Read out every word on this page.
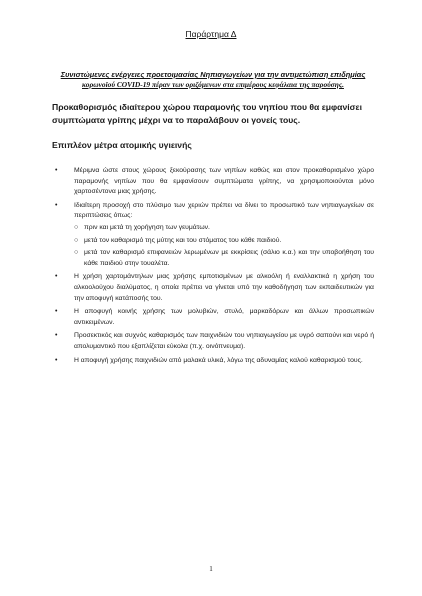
Παράρτημα Δ
Συνιστώμενες ενέργειες προετοιμασίας Νηπιαγωγείων για την αντιμετώπιση επιδημίας
κορωνοϊού COVID-19 πέραν των οριζόμενων στα επιμέρους κεφάλαια της παρούσης.
Προκαθορισμός ιδιαίτερου χώρου παραμονής του νηπίου που θα εμφανίσει συμπτώματα γρίπης μέχρι να το παραλάβουν οι γονείς τους.
Επιπλέον μέτρα ατομικής υγιεινής
• Μέριμνα ώστε στους χώρους ξεκούρασης των νηπίων καθώς και στον προκαθορισμένο χώρο παραμονής νηπίων που θα εμφανίσουν συμπτώματα γρίπης, να χρησιμοποιούνται μόνο χαρτοσέντονα μιας χρήσης.
• Ιδιαίτερη προσοχή στο πλύσιμο των χεριών πρέπει να δίνει το προσωπικό των νηπιαγωγείων σε περιπτώσεις όπως:
○ πριν και μετά τη χορήγηση των γευμάτων.
○ μετά τον καθαρισμό της μύτης και του στόματος του κάθε παιδιού.
○ μετά τον καθαρισμό επιφανειών λερωμένων με εκκρίσεις (σάλιο κ.α.) και την υποβοήθηση του κάθε παιδιού στην τουαλέτα.
• Η χρήση χαρτομάντηλων μιας χρήσης εμποτισμένων με αλκοόλη ή εναλλακτικά η χρήση του αλκοολούχου διαλύματος, η οποία πρέπει να γίνεται υπό την καθοδήγηση των εκπαιδευτικών για την αποφυγή κατάποσής του.
• Η αποφυγή κοινής χρήσης των μολυβιών, στυλό, μαρκαδόρων και άλλων προσωπικών αντικειμένων.
• Προσεκτικός και συχνός καθαρισμός των παιχνιδιών του νηπιαγωγείου με υγρό σαπούνι και νερό ή απολυμαντικό που εξαπλίζεται εύκολα (π.χ. οινόπνευμα).
• Η αποφυγή χρήσης παιχνιδιών από μαλακά υλικά, λόγω της αδυναμίας καλού καθαρισμού τους.
1
